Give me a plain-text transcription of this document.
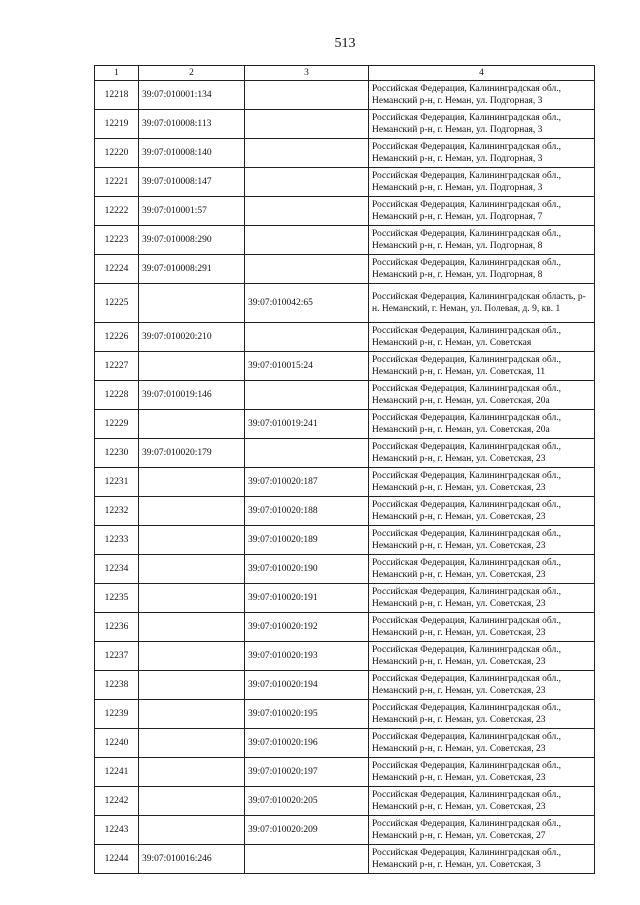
513
1	2	3	4
12218	39:07:010001:134		Российская Федерация, Калининградская обл., Неманский р-н, г. Неман, ул. Подгорная, 3
12219	39:07:010008:113		Российская Федерация, Калининградская обл., Неманский р-н, г. Неман, ул. Подгорная, 3
12220	39:07:010008:140		Российская Федерация, Калининградская обл., Неманский р-н, г. Неман, ул. Подгорная, 3
12221	39:07:010008:147		Российская Федерация, Калининградская обл., Неманский р-н, г. Неман, ул. Подгорная, 3
12222	39:07:010001:57		Российская Федерация, Калининградская обл., Неманский р-н, г. Неман, ул. Подгорная, 7
12223	39:07:010008:290		Российская Федерация, Калининградская обл., Неманский р-н, г. Неман, ул. Подгорная, 8
12224	39:07:010008:291		Российская Федерация, Калининградская обл., Неманский р-н, г. Неман, ул. Подгорная, 8
12225		39:07:010042:65	Российская Федерация, Калининградская область, р-н. Неманский, г. Неман, ул. Полевая, д. 9, кв. 1
12226	39:07:010020:210		Российская Федерация, Калининградская обл., Неманский р-н, г. Неман, ул. Советская
12227		39:07:010015:24	Российская Федерация, Калининградская обл., Неманский р-н, г. Неман, ул. Советская, 11
12228	39:07:010019:146		Российская Федерация, Калининградская обл., Неманский р-н, г. Неман, ул. Советская, 20а
12229		39:07:010019:241	Российская Федерация, Калининградская обл., Неманский р-н, г. Неман, ул. Советская, 20а
12230	39:07:010020:179		Российская Федерация, Калининградская обл., Неманский р-н, г. Неман, ул. Советская, 23
12231		39:07:010020:187	Российская Федерация, Калининградская обл., Неманский р-н, г. Неман, ул. Советская, 23
12232		39:07:010020:188	Российская Федерация, Калининградская обл., Неманский р-н, г. Неман, ул. Советская, 23
12233		39:07:010020:189	Российская Федерация, Калининградская обл., Неманский р-н, г. Неман, ул. Советская, 23
12234		39:07:010020:190	Российская Федерация, Калининградская обл., Неманский р-н, г. Неман, ул. Советская, 23
12235		39:07:010020:191	Российская Федерация, Калининградская обл., Неманский р-н, г. Неман, ул. Советская, 23
12236		39:07:010020:192	Российская Федерация, Калининградская обл., Неманский р-н, г. Неман, ул. Советская, 23
12237		39:07:010020:193	Российская Федерация, Калининградская обл., Неманский р-н, г. Неман, ул. Советская, 23
12238		39:07:010020:194	Российская Федерация, Калининградская обл., Неманский р-н, г. Неман, ул. Советская, 23
12239		39:07:010020:195	Российская Федерация, Калининградская обл., Неманский р-н, г. Неман, ул. Советская, 23
12240		39:07:010020:196	Российская Федерация, Калининградская обл., Неманский р-н, г. Неман, ул. Советская, 23
12241		39:07:010020:197	Российская Федерация, Калининградская обл., Неманский р-н, г. Неман, ул. Советская, 23
12242		39:07:010020:205	Российская Федерация, Калининградская обл., Неманский р-н, г. Неман, ул. Советская, 23
12243		39:07:010020:209	Российская Федерация, Калининградская обл., Неманский р-н, г. Неман, ул. Советская, 27
12244	39:07:010016:246		Российская Федерация, Калининградская обл., Неманский р-н, г. Неман, ул. Советская, 3
